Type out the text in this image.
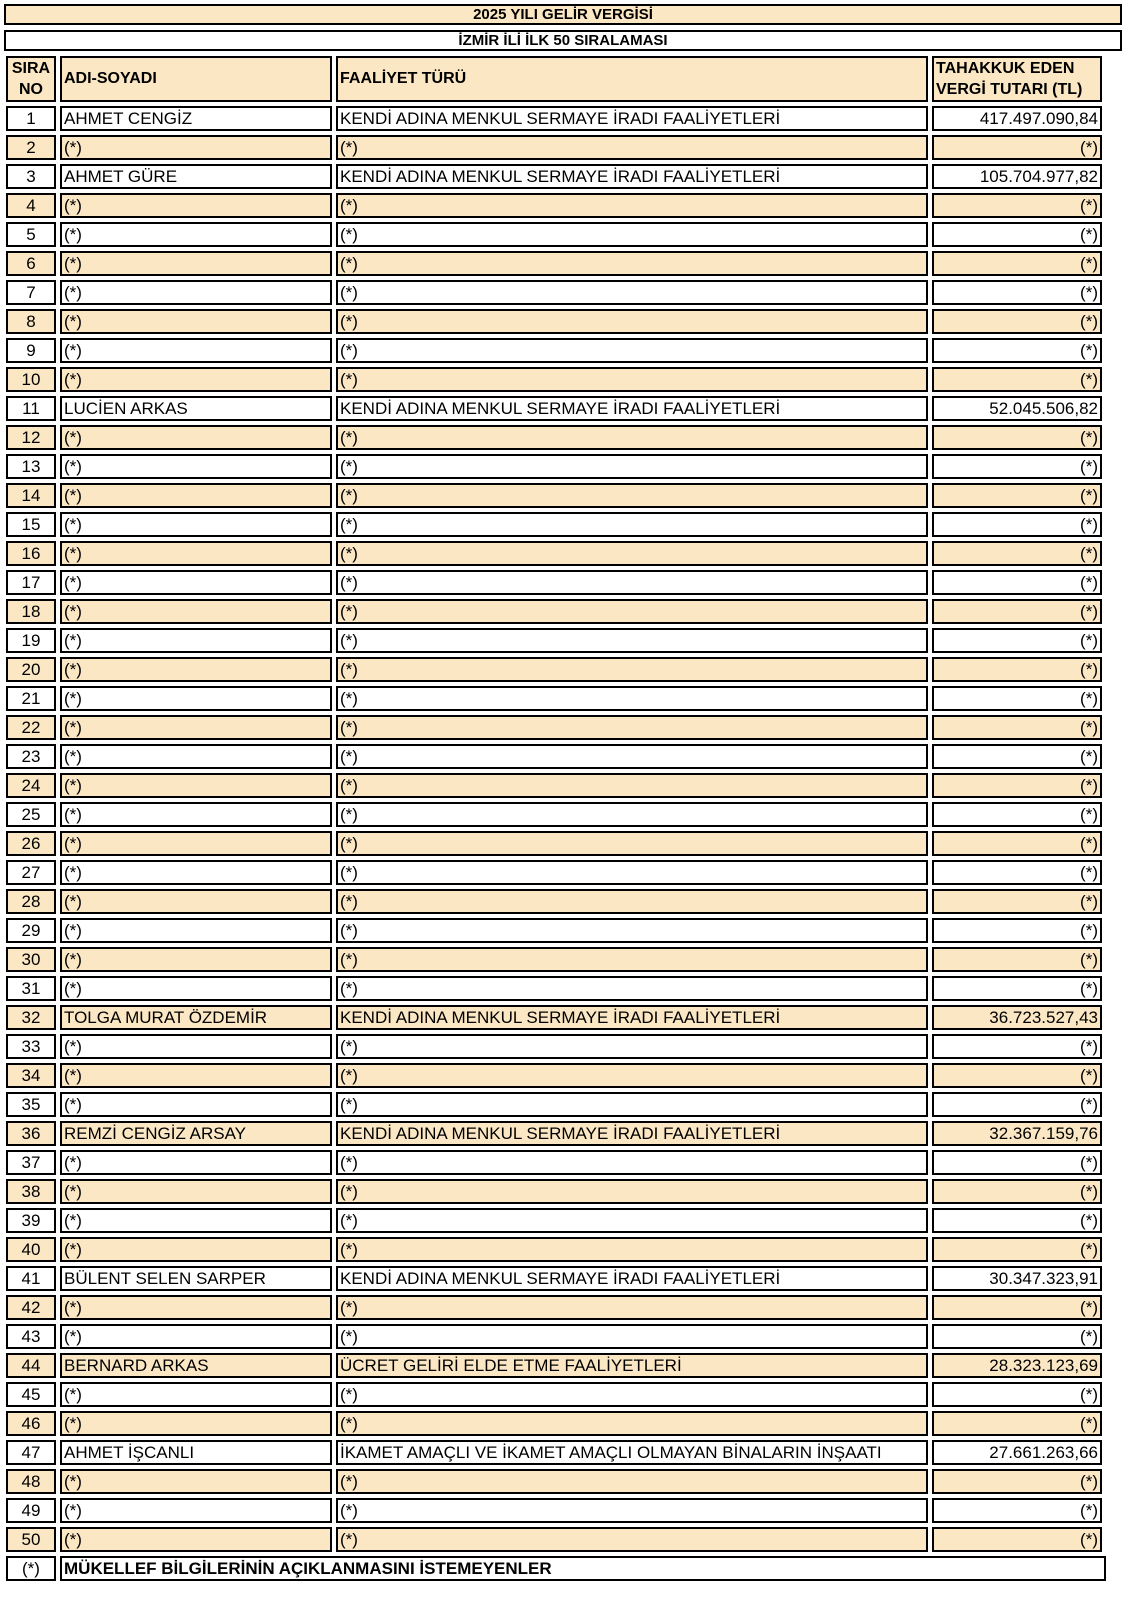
2025 YILI GELİR VERGİSİ
İZMİR İLİ İLK 50 SIRALAMASI
SIRA
NO
ADI-SOYADI	FAALİYET TÜRÜ
TAHAKKUK EDEN
VERGİ TUTARI (TL)
1	AHMET CENGİZ	KENDİ ADINA MENKUL SERMAYE İRADI FAALİYETLERİ	417.497.090,84
2	(*)	(*)	(*)
3	AHMET GÜRE	KENDİ ADINA MENKUL SERMAYE İRADI FAALİYETLERİ	105.704.977,82
4	(*)	(*)	(*)
5	(*)	(*)	(*)
6	(*)	(*)	(*)
7	(*)	(*)	(*)
8	(*)	(*)	(*)
9	(*)	(*)	(*)
10	(*)	(*)	(*)
11	LUCİEN ARKAS	KENDİ ADINA MENKUL SERMAYE İRADI FAALİYETLERİ	52.045.506,82
12	(*)	(*)	(*)
13	(*)	(*)	(*)
14	(*)	(*)	(*)
15	(*)	(*)	(*)
16	(*)	(*)	(*)
17	(*)	(*)	(*)
18	(*)	(*)	(*)
19	(*)	(*)	(*)
20	(*)	(*)	(*)
21	(*)	(*)	(*)
22	(*)	(*)	(*)
23	(*)	(*)	(*)
24	(*)	(*)	(*)
25	(*)	(*)	(*)
26	(*)	(*)	(*)
27	(*)	(*)	(*)
28	(*)	(*)	(*)
29	(*)	(*)	(*)
30	(*)	(*)	(*)
31	(*)	(*)	(*)
32	TOLGA MURAT ÖZDEMİR	KENDİ ADINA MENKUL SERMAYE İRADI FAALİYETLERİ	36.723.527,43
33	(*)	(*)	(*)
34	(*)	(*)	(*)
35	(*)	(*)	(*)
36	REMZİ CENGİZ ARSAY	KENDİ ADINA MENKUL SERMAYE İRADI FAALİYETLERİ	32.367.159,76
37	(*)	(*)	(*)
38	(*)	(*)	(*)
39	(*)	(*)	(*)
40	(*)	(*)	(*)
41	BÜLENT SELEN SARPER	KENDİ ADINA MENKUL SERMAYE İRADI FAALİYETLERİ	30.347.323,91
42	(*)	(*)	(*)
43	(*)	(*)	(*)
44	BERNARD ARKAS	ÜCRET GELİRİ ELDE ETME FAALİYETLERİ	28.323.123,69
45	(*)	(*)	(*)
46	(*)	(*)	(*)
47	AHMET İŞCANLI	İKAMET AMAÇLI VE İKAMET AMAÇLI OLMAYAN BİNALARIN İNŞAATI	27.661.263,66
48	(*)	(*)	(*)
49	(*)	(*)	(*)
50	(*)	(*)	(*)
(*)	MÜKELLEF BİLGİLERİNİN AÇIKLANMASINI İSTEMEYENLER
